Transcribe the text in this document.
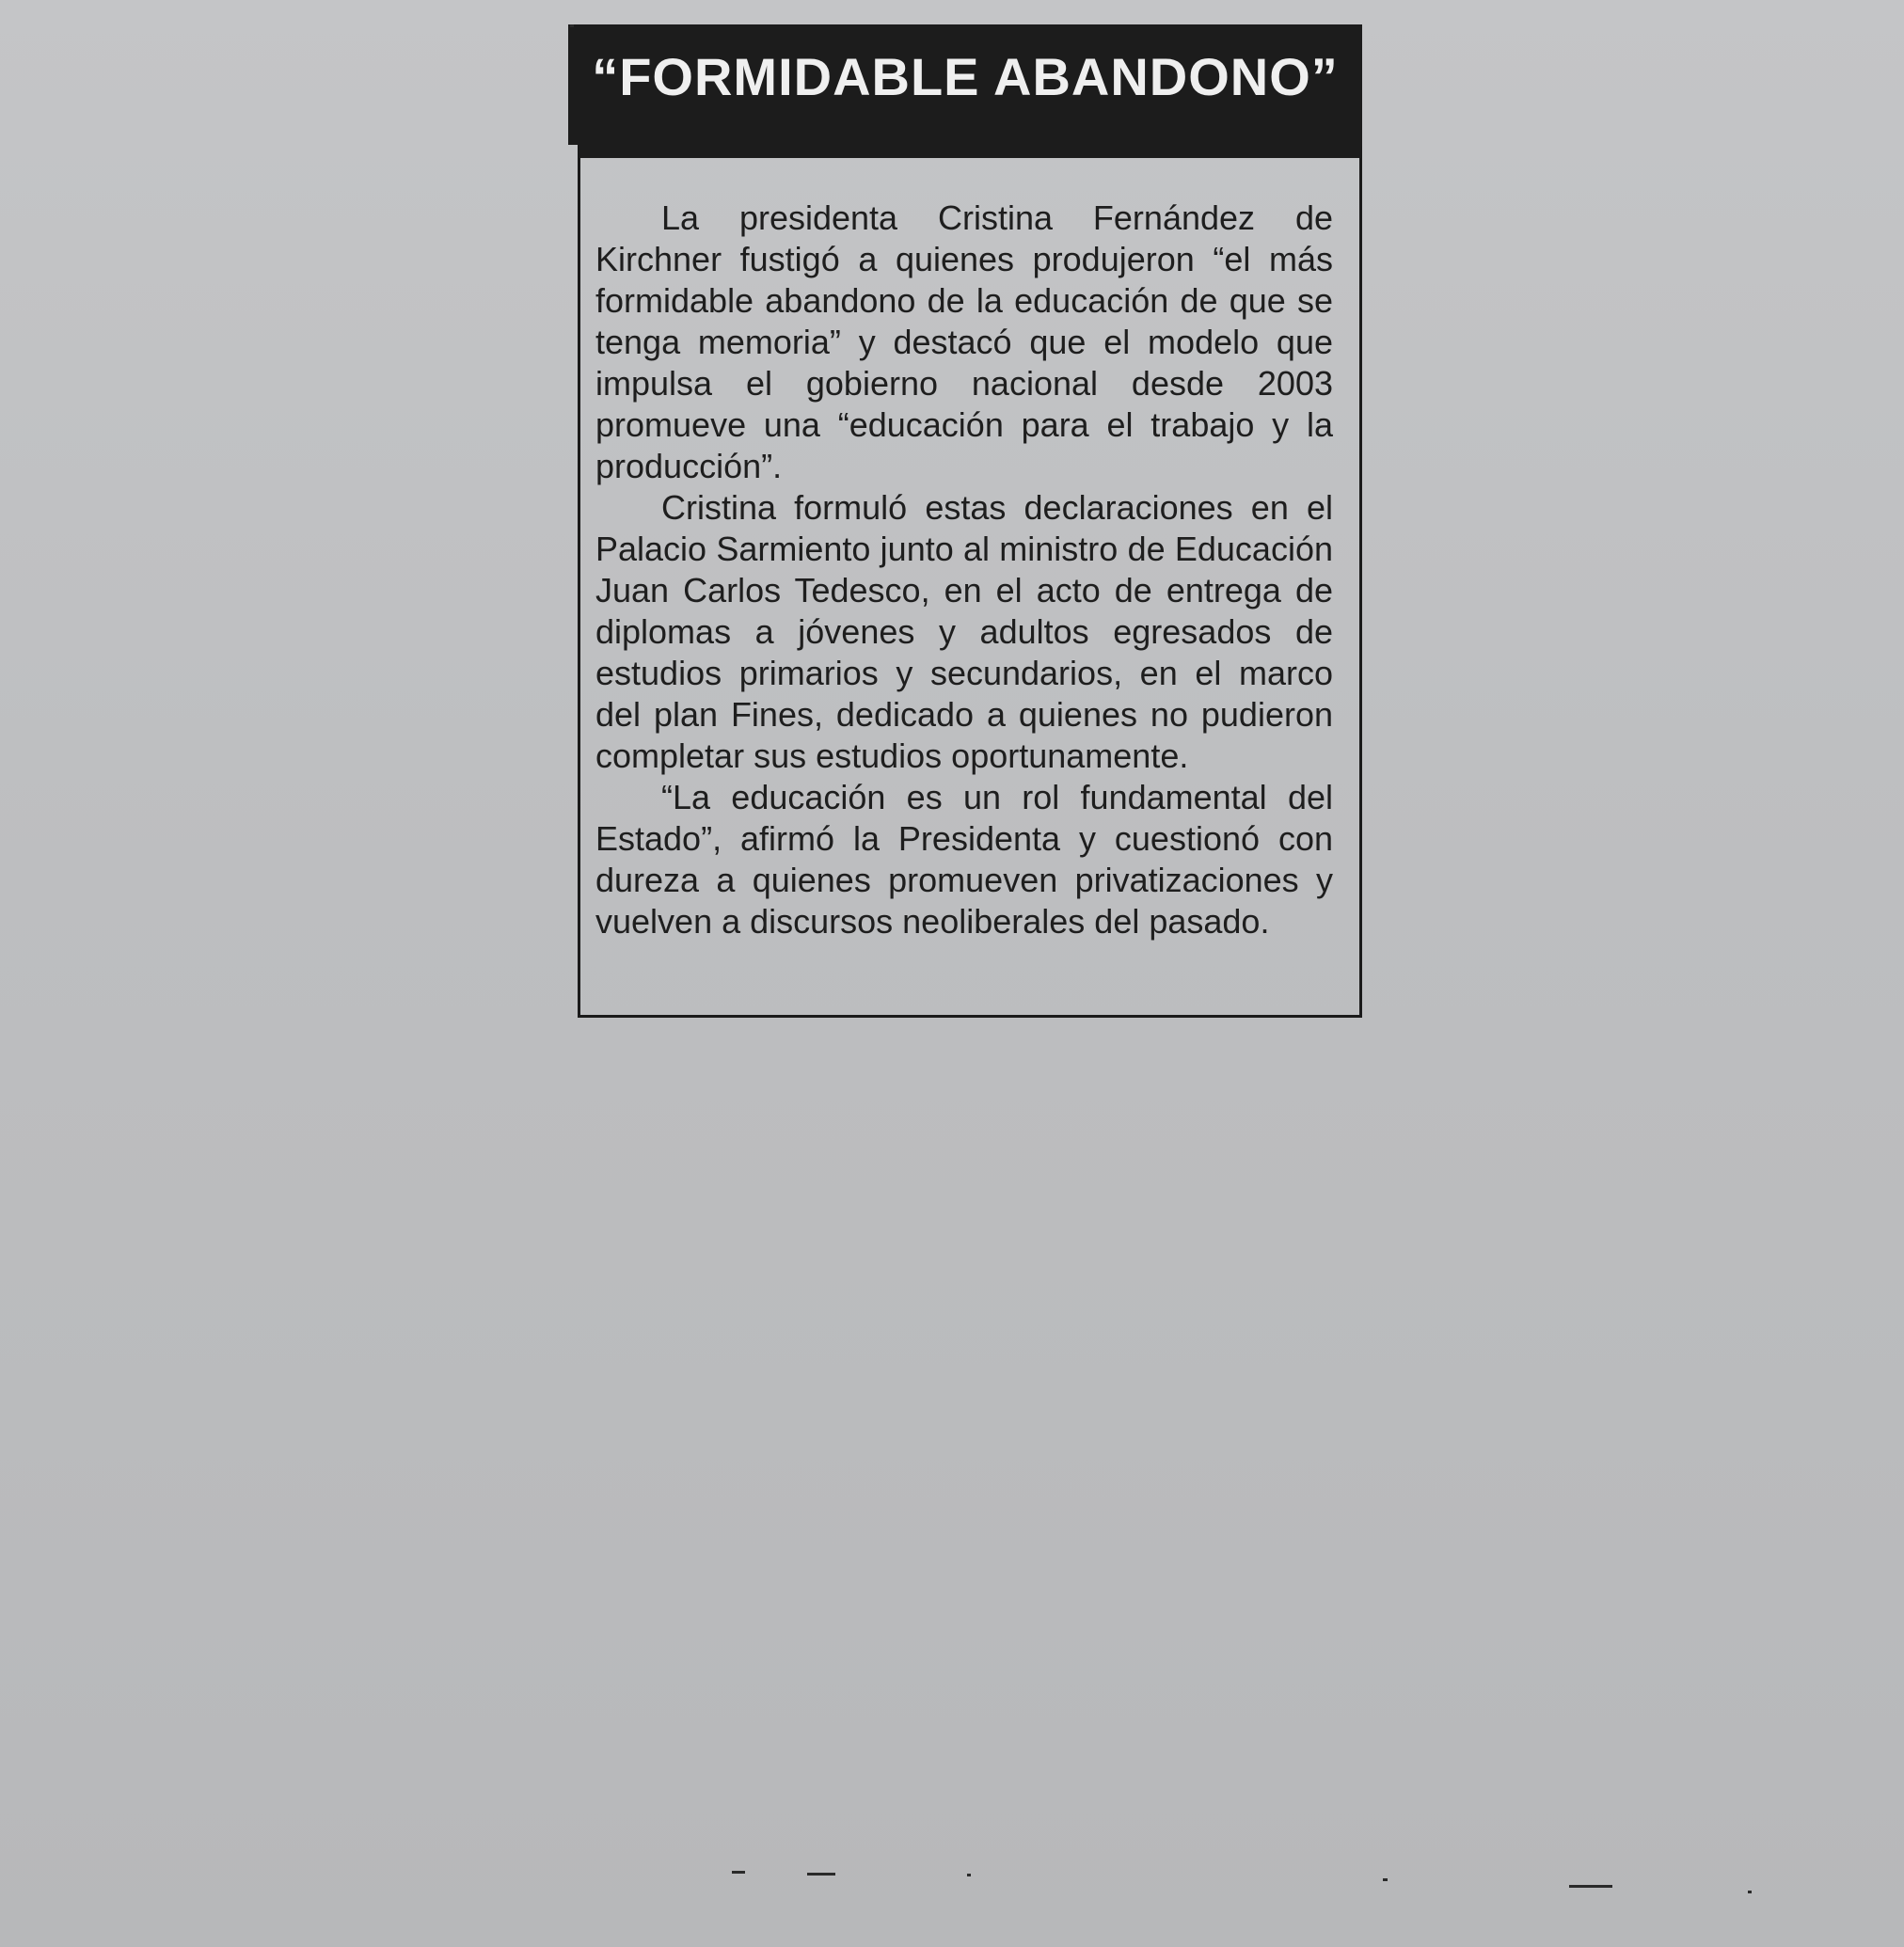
“FORMIDABLE ABANDONO”

La presidenta Cristina Fernández de Kirchner fustigó a quienes produjeron “el más formidable abandono de la educación de que se tenga memoria” y destacó que el modelo que impulsa el gobierno nacional desde 2003 promueve una “educación para el trabajo y la producción”.

Cristina formuló estas declaraciones en el Palacio Sarmiento junto al ministro de Educación Juan Carlos Tedesco, en el acto de entrega de diplomas a jóvenes y adultos egresados de estudios primarios y secundarios, en el marco del plan Fines, dedicado a quienes no pudieron completar sus estudios oportunamente.

“La educación es un rol fundamental del Estado”, afirmó la Presidenta y cuestionó con dureza a quienes promueven privatizaciones y vuelven a discursos neoliberales del pasado.
